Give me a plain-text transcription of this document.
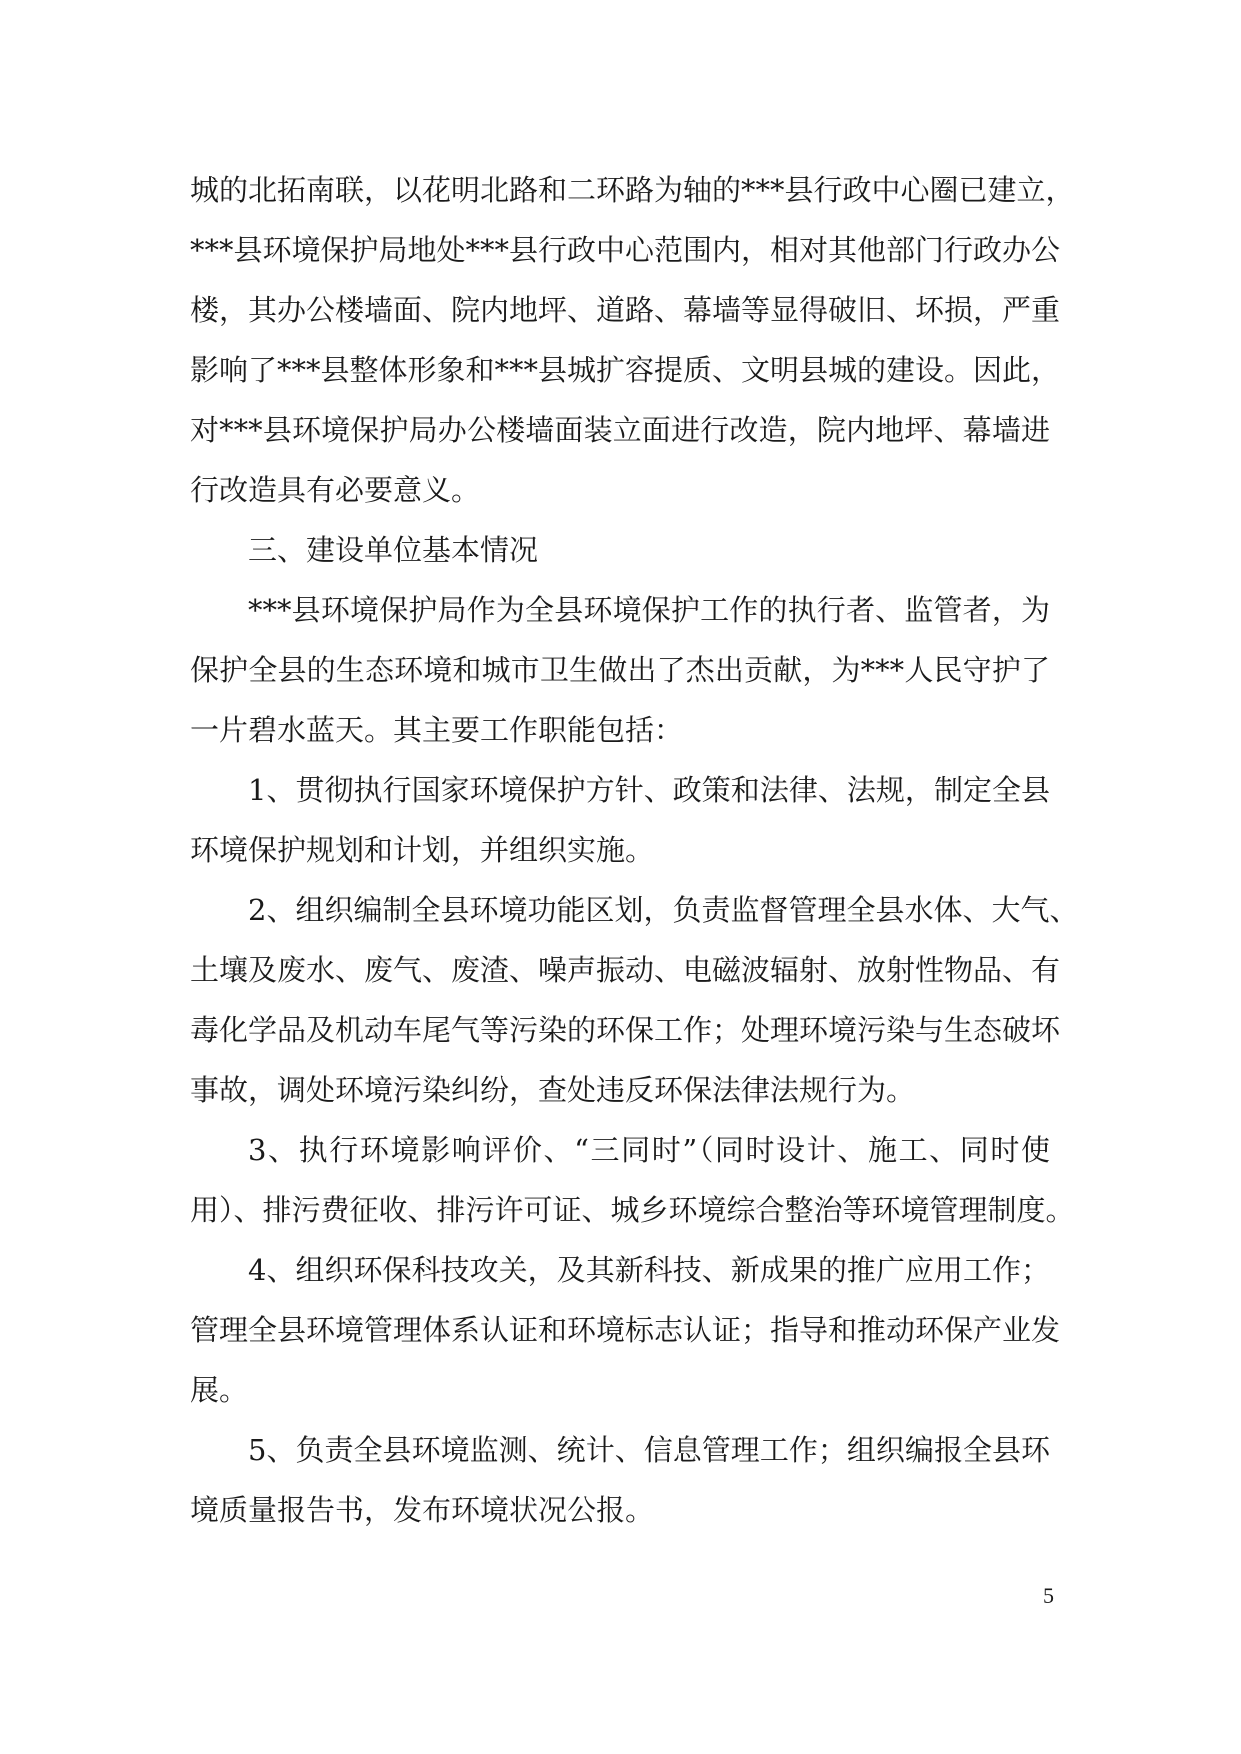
城的北拓南联，以花明北路和二环路为轴的***县行政中心圈已建立，
***县环境保护局地处***县行政中心范围内，相对其他部门行政办公
楼，其办公楼墙面、院内地坪、道路、幕墙等显得破旧、坏损，严重
影响了***县整体形象和***县城扩容提质、文明县城的建设。因此，
对***县环境保护局办公楼墙面装立面进行改造，院内地坪、幕墙进
行改造具有必要意义。
三、建设单位基本情况
***县环境保护局作为全县环境保护工作的执行者、监管者，为
保护全县的生态环境和城市卫生做出了杰出贡献，为***人民守护了
一片碧水蓝天。其主要工作职能包括：
1、贯彻执行国家环境保护方针、政策和法律、法规，制定全县
环境保护规划和计划，并组织实施。
2、组织编制全县环境功能区划，负责监督管理全县水体、大气、
土壤及废水、废气、废渣、噪声振动、电磁波辐射、放射性物品、有
毒化学品及机动车尾气等污染的环保工作；处理环境污染与生态破坏
事故，调处环境污染纠纷，查处违反环保法律法规行为。
3、执行环境影响评价、“三同时”（同时设计、施工、同时使
用）、排污费征收、排污许可证、城乡环境综合整治等环境管理制度。
4、组织环保科技攻关，及其新科技、新成果的推广应用工作；
管理全县环境管理体系认证和环境标志认证；指导和推动环保产业发
展。
5、负责全县环境监测、统计、信息管理工作；组织编报全县环
境质量报告书，发布环境状况公报。
5
